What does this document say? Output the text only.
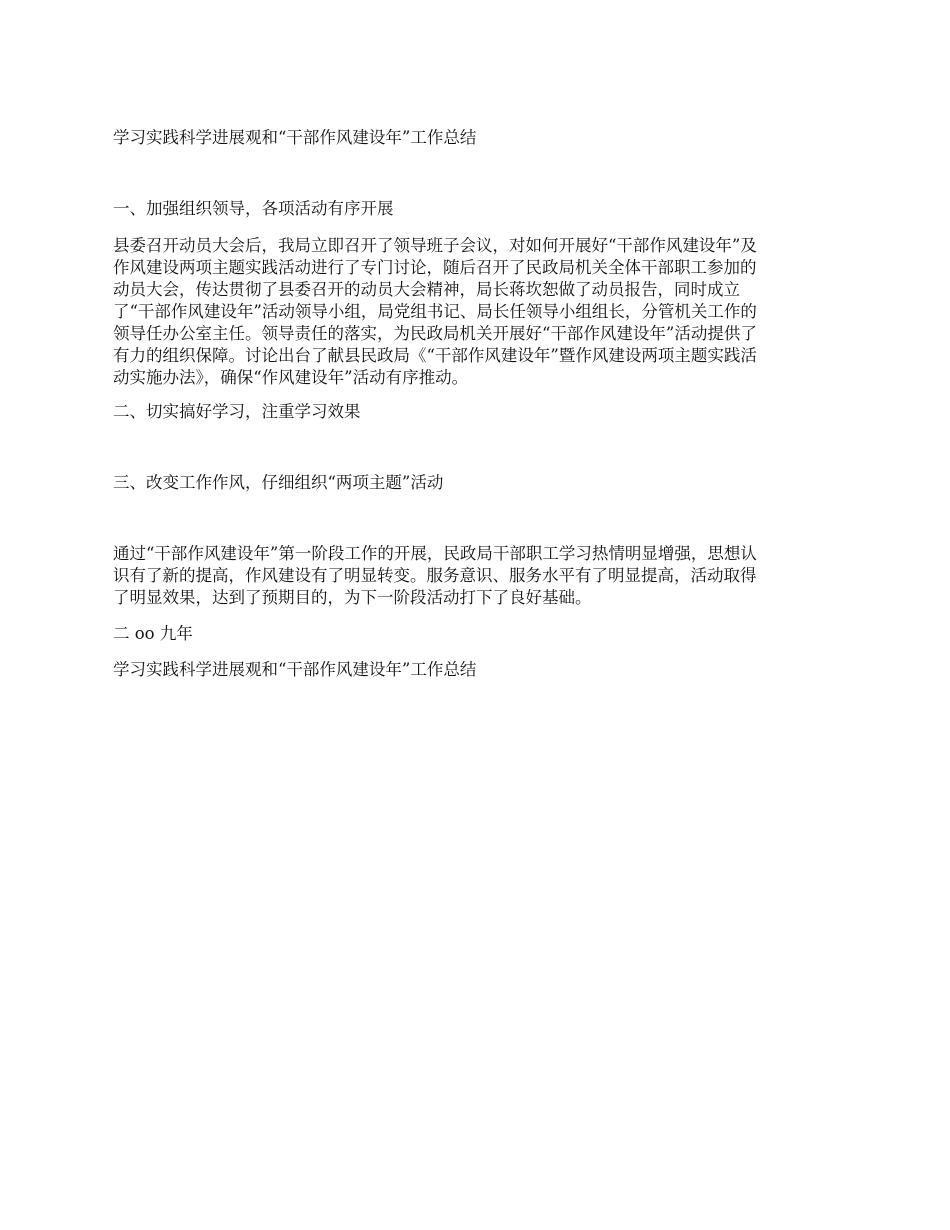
学习实践科学进展观和“干部作风建设年”工作总结
一、加强组织领导，各项活动有序开展
县委召开动员大会后，我局立即召开了领导班子会议，对如何开展好“干部作风建设年”及
作风建设两项主题实践活动进行了专门讨论，随后召开了民政局机关全体干部职工参加的
动员大会，传达贯彻了县委召开的动员大会精神，局长蒋坎恕做了动员报告，同时成立
了“干部作风建设年”活动领导小组，局党组书记、局长任领导小组组长，分管机关工作的
领导任办公室主任。领导责任的落实，为民政局机关开展好“干部作风建设年”活动提供了
有力的组织保障。讨论出台了献县民政局《“干部作风建设年”暨作风建设两项主题实践活
动实施办法》，确保“作风建设年”活动有序推动。
二、切实搞好学习，注重学习效果
三、改变工作作风，仔细组织“两项主题”活动
通过“干部作风建设年”第一阶段工作的开展，民政局干部职工学习热情明显增强，思想认
识有了新的提高，作风建设有了明显转变。服务意识、服务水平有了明显提高，活动取得
了明显效果，达到了预期目的，为下一阶段活动打下了良好基础。
二 oo 九年
学习实践科学进展观和“干部作风建设年”工作总结
